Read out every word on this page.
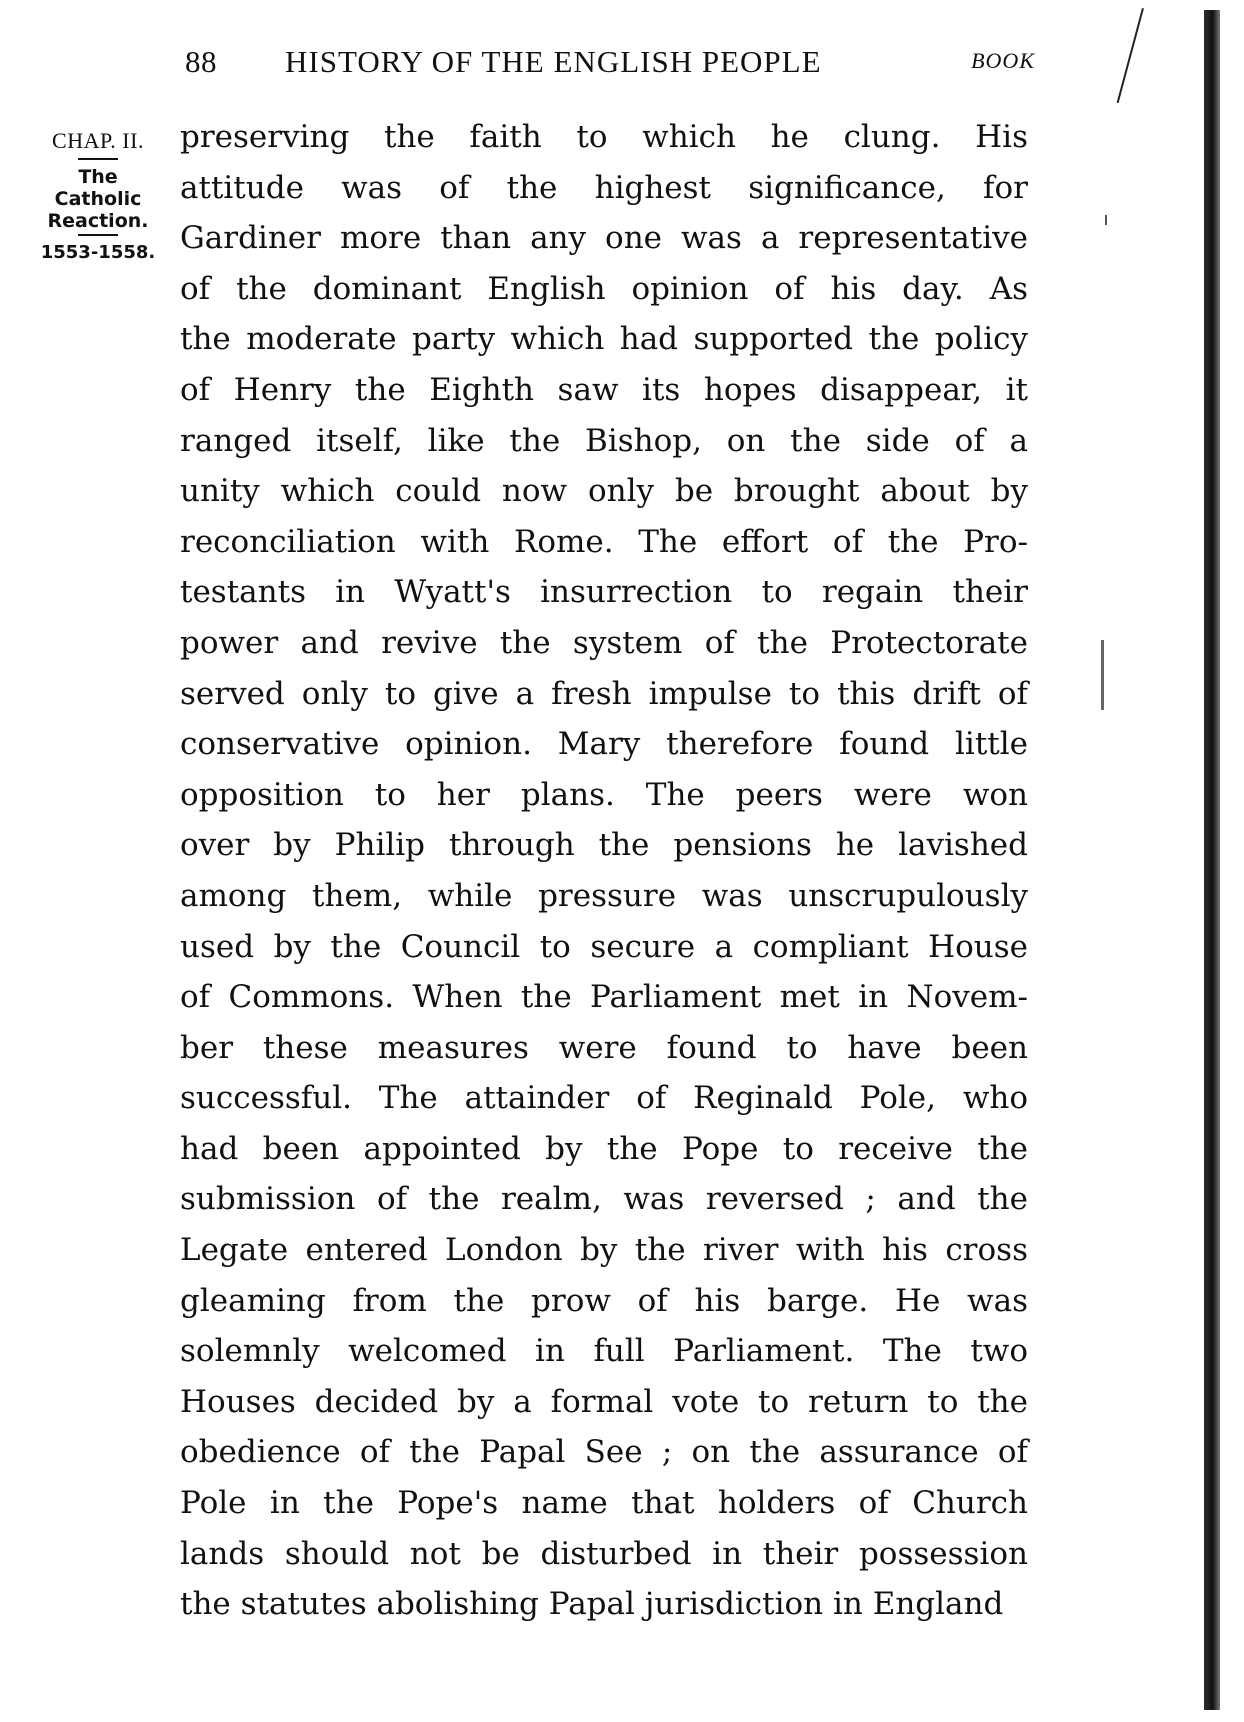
88 HISTORY OF THE ENGLISH PEOPLE	BOOK
CHAP. II.
The
Catholic
Reaction.
1553-1558.
preserving the faith to which he clung. His
attitude was of the highest significance, for
Gardiner more than any one was a representative
of the dominant English opinion of his day. As
the moderate party which had supported the policy
of Henry the Eighth saw its hopes disappear, it
ranged itself, like the Bishop, on the side of a
unity which could now only be brought about by
reconciliation with Rome. The effort of the Pro-
testants in Wyatt's insurrection to regain their
power and revive the system of the Protectorate
served only to give a fresh impulse to this drift of
conservative opinion. Mary therefore found little
opposition to her plans. The peers were won
over by Philip through the pensions he lavished
among them, while pressure was unscrupulously
used by the Council to secure a compliant House
of Commons. When the Parliament met in Novem-
ber these measures were found to have been
successful. The attainder of Reginald Pole, who
had been appointed by the Pope to receive the
submission of the realm, was reversed ; and the
Legate entered London by the river with his cross
gleaming from the prow of his barge. He was
solemnly welcomed in full Parliament. The two
Houses decided by a formal vote to return to the
obedience of the Papal See ; on the assurance of
Pole in the Pope's name that holders of Church
lands should not be disturbed in their possession
the statutes abolishing Papal jurisdiction in England
